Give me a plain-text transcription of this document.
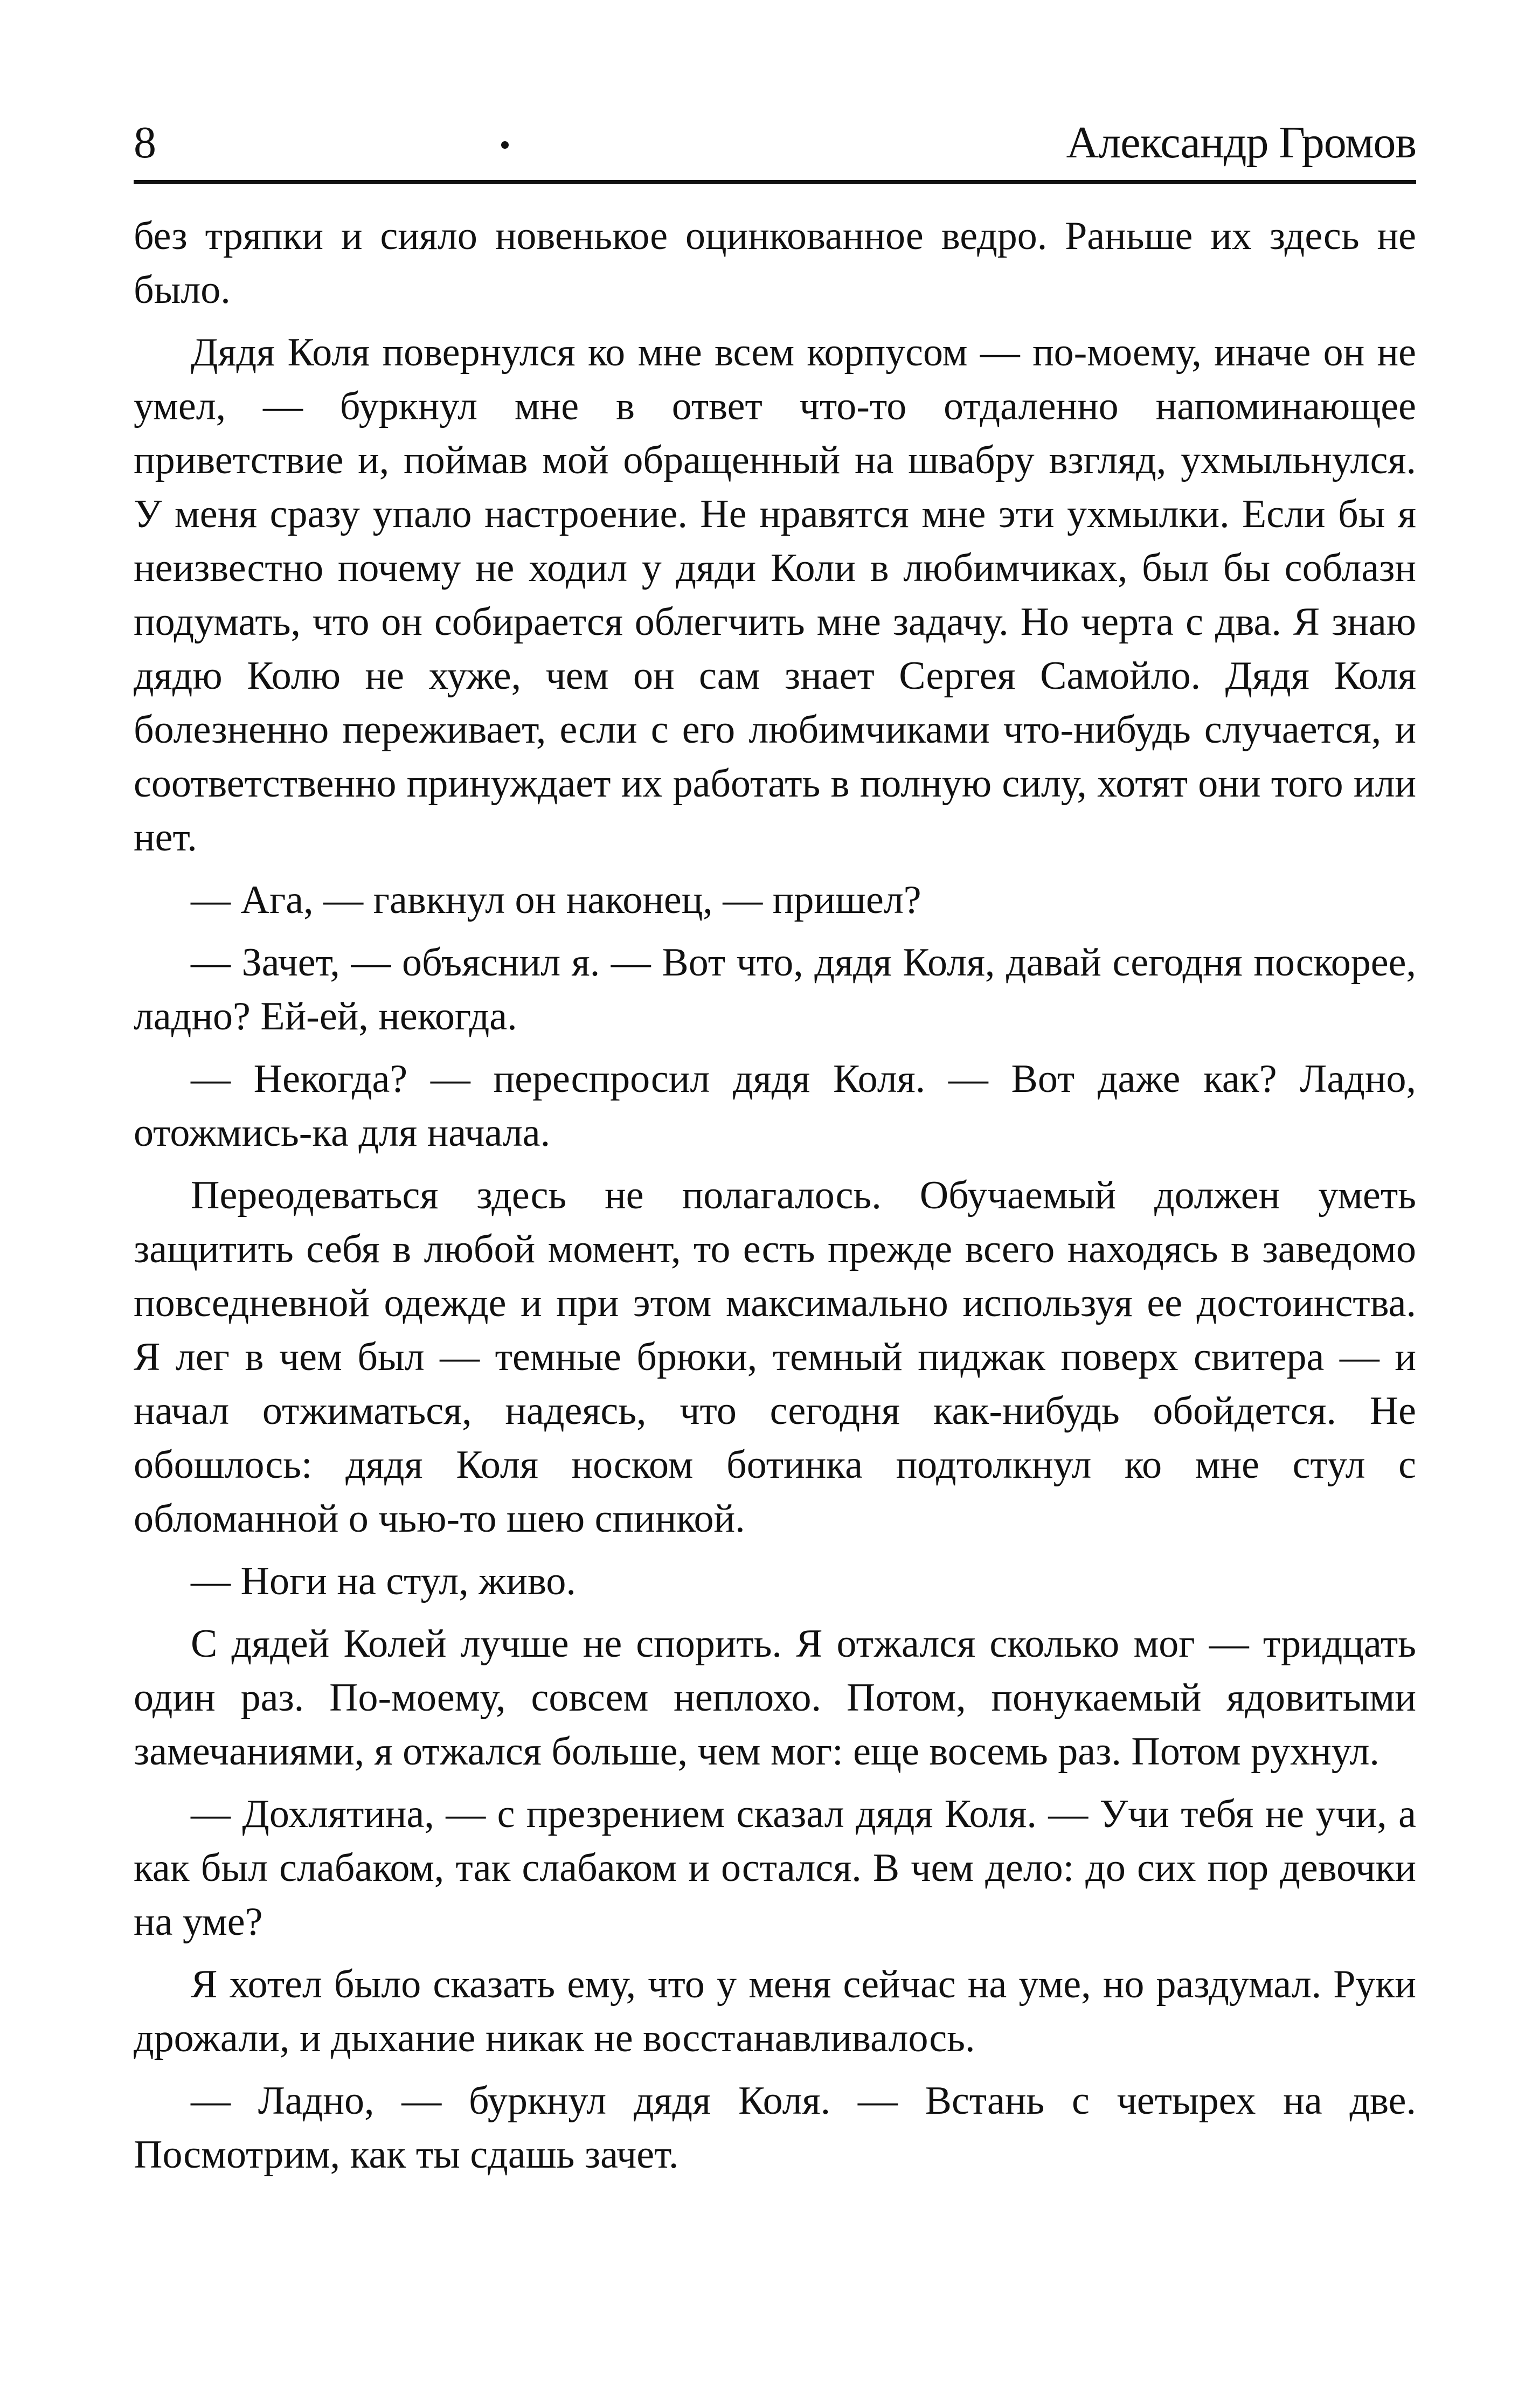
8	Александр Громов

без тряпки и сияло новенькое оцинкованное ведро. Раньше их здесь не было.

Дядя Коля повернулся ко мне всем корпусом — по-моему, иначе он не умел, — буркнул мне в ответ что-то отдаленно напоминающее приветствие и, поймав мой обращенный на швабру взгляд, ухмыльнулся. У меня сразу упало настроение. Не нравятся мне эти ухмылки. Если бы я неизвестно почему не ходил у дяди Коли в любимчиках, был бы соблазн подумать, что он собирается облегчить мне задачу. Но черта с два. Я знаю дядю Колю не хуже, чем он сам знает Сергея Самойло. Дядя Коля болезненно переживает, если с его любимчиками что-нибудь случается, и соответственно принуждает их работать в полную силу, хотят они того или нет.

— Ага, — гавкнул он наконец, — пришел?

— Зачет, — объяснил я. — Вот что, дядя Коля, давай сегодня поскорее, ладно? Ей-ей, некогда.

— Некогда? — переспросил дядя Коля. — Вот даже как? Ладно, отожмись-ка для начала.

Переодеваться здесь не полагалось. Обучаемый должен уметь защитить себя в любой момент, то есть прежде всего находясь в заведомо повседневной одежде и при этом максимально используя ее достоинства. Я лег в чем был — темные брюки, темный пиджак поверх свитера — и начал отжиматься, надеясь, что сегодня как-нибудь обойдется. Не обошлось: дядя Коля носком ботинка подтолкнул ко мне стул с обломанной о чью-то шею спинкой.

— Ноги на стул, живо.

С дядей Колей лучше не спорить. Я отжался сколько мог — тридцать один раз. По-моему, совсем неплохо. Потом, понукаемый ядовитыми замечаниями, я отжался больше, чем мог: еще восемь раз. Потом рухнул.

— Дохлятина, — с презрением сказал дядя Коля. — Учи тебя не учи, а как был слабаком, так слабаком и остался. В чем дело: до сих пор девочки на уме?

Я хотел было сказать ему, что у меня сейчас на уме, но раздумал. Руки дрожали, и дыхание никак не восстанавливалось.

— Ладно, — буркнул дядя Коля. — Встань с четырех на две. Посмотрим, как ты сдашь зачет.
